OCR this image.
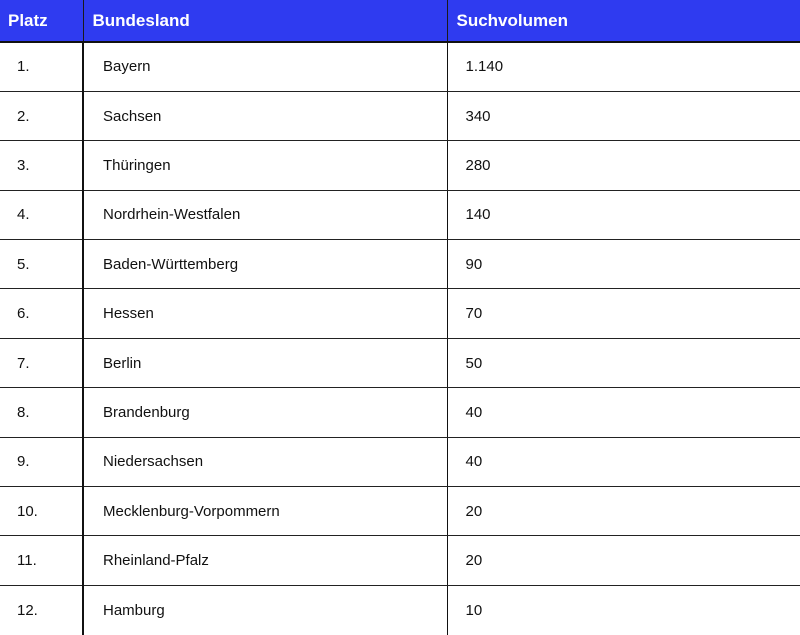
Platz	Bundesland	Suchvolumen
1.	Bayern	1.140
2.	Sachsen	340
3.	Thüringen	280
4.	Nordrhein-Westfalen	140
5.	Baden-Württemberg	90
6.	Hessen	70
7.	Berlin	50
8.	Brandenburg	40
9.	Niedersachsen	40
10.	Mecklenburg-Vorpommern	20
11.	Rheinland-Pfalz	20
12.	Hamburg	10
